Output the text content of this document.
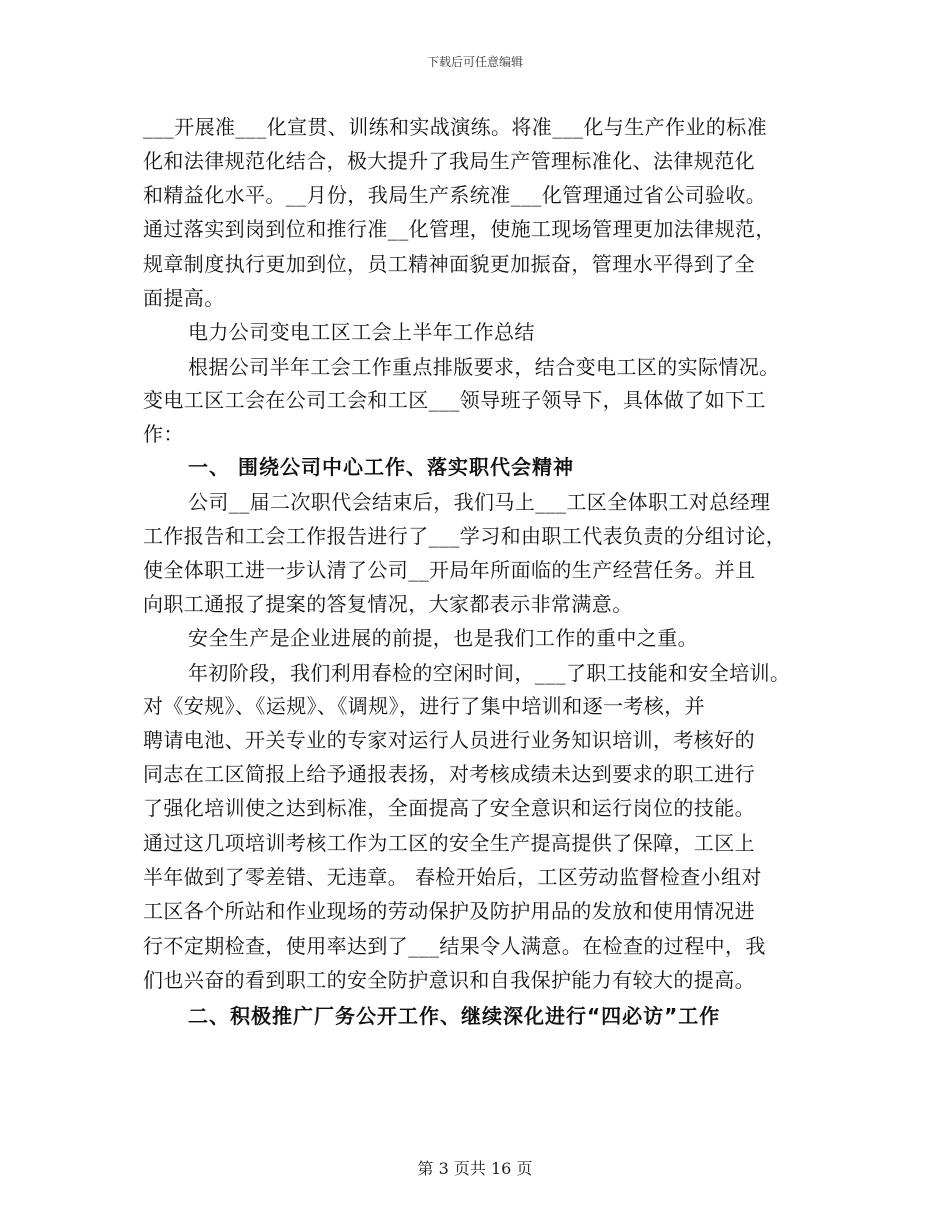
下载后可任意编辑
___开展准___化宣贯、训练和实战演练。将准___化与生产作业的标准
化和法律规范化结合，极大提升了我局生产管理标准化、法律规范化
和精益化水平。__月份，我局生产系统准___化管理通过省公司验收。
通过落实到岗到位和推行准__化管理，使施工现场管理更加法律规范，
规章制度执行更加到位，员工精神面貌更加振奋，管理水平得到了全
面提高。
电力公司变电工区工会上半年工作总结
根据公司半年工会工作重点排版要求，结合变电工区的实际情况。
变电工区工会在公司工会和工区___领导班子领导下，具体做了如下工
作：
一、 围绕公司中心工作、落实职代会精神
公司__届二次职代会结束后，我们马上___工区全体职工对总经理
工作报告和工会工作报告进行了___学习和由职工代表负责的分组讨论，
使全体职工进一步认清了公司__开局年所面临的生产经营任务。并且
向职工通报了提案的答复情况，大家都表示非常满意。
安全生产是企业进展的前提，也是我们工作的重中之重。
年初阶段，我们利用春检的空闲时间，___了职工技能和安全培训。
对《安规》、《运规》、《调规》，进行了集中培训和逐一考核，并
聘请电池、开关专业的专家对运行人员进行业务知识培训，考核好的
同志在工区简报上给予通报表扬，对考核成绩未达到要求的职工进行
了强化培训使之达到标准，全面提高了安全意识和运行岗位的技能。
通过这几项培训考核工作为工区的安全生产提高提供了保障，工区上
半年做到了零差错、无违章。 春检开始后，工区劳动监督检查小组对
工区各个所站和作业现场的劳动保护及防护用品的发放和使用情况进
行不定期检查，使用率达到了___结果令人满意。在检查的过程中，我
们也兴奋的看到职工的安全防护意识和自我保护能力有较大的提高。
二、积极推广厂务公开工作、继续深化进行“四必访”工作
第 3 页共 16 页
